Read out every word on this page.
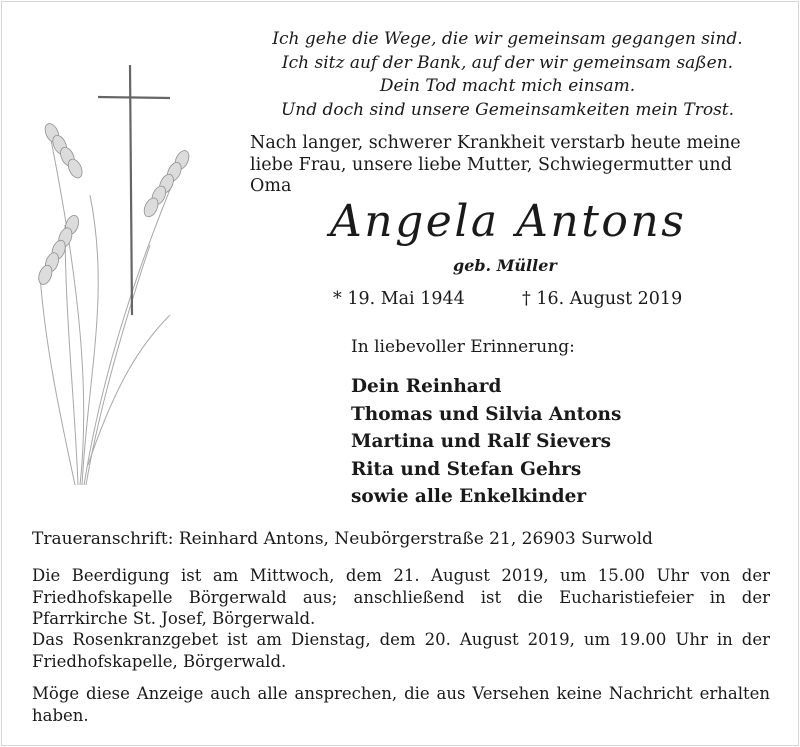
Ich gehe die Wege, die wir gemeinsam gegangen sind.
Ich sitz auf der Bank, auf der wir gemeinsam saßen.
Dein Tod macht mich einsam.
Und doch sind unsere Gemeinsamkeiten mein Trost.
Nach langer, schwerer Krankheit verstarb heute meine
liebe Frau, unsere liebe Mutter, Schwiegermutter und
Oma
Angela Antons
geb. Müller
* 19. Mai 1944	† 16. August 2019
In liebevoller Erinnerung:
Dein Reinhard
Thomas und Silvia Antons
Martina und Ralf Sievers
Rita und Stefan Gehrs
sowie alle Enkelkinder
Traueranschrift: Reinhard Antons, Neubörgerstraße 21, 26903 Surwold
Die Beerdigung ist am Mittwoch, dem 21. August 2019, um 15.00 Uhr von der Friedhofskapelle Börgerwald aus; anschließend ist die Eucharistiefeier in der Pfarrkirche St. Josef, Börgerwald.
Das Rosenkranzgebet ist am Dienstag, dem 20. August 2019, um 19.00 Uhr in der Friedhofskapelle, Börgerwald.
Möge diese Anzeige auch alle ansprechen, die aus Versehen keine Nachricht erhalten haben.
